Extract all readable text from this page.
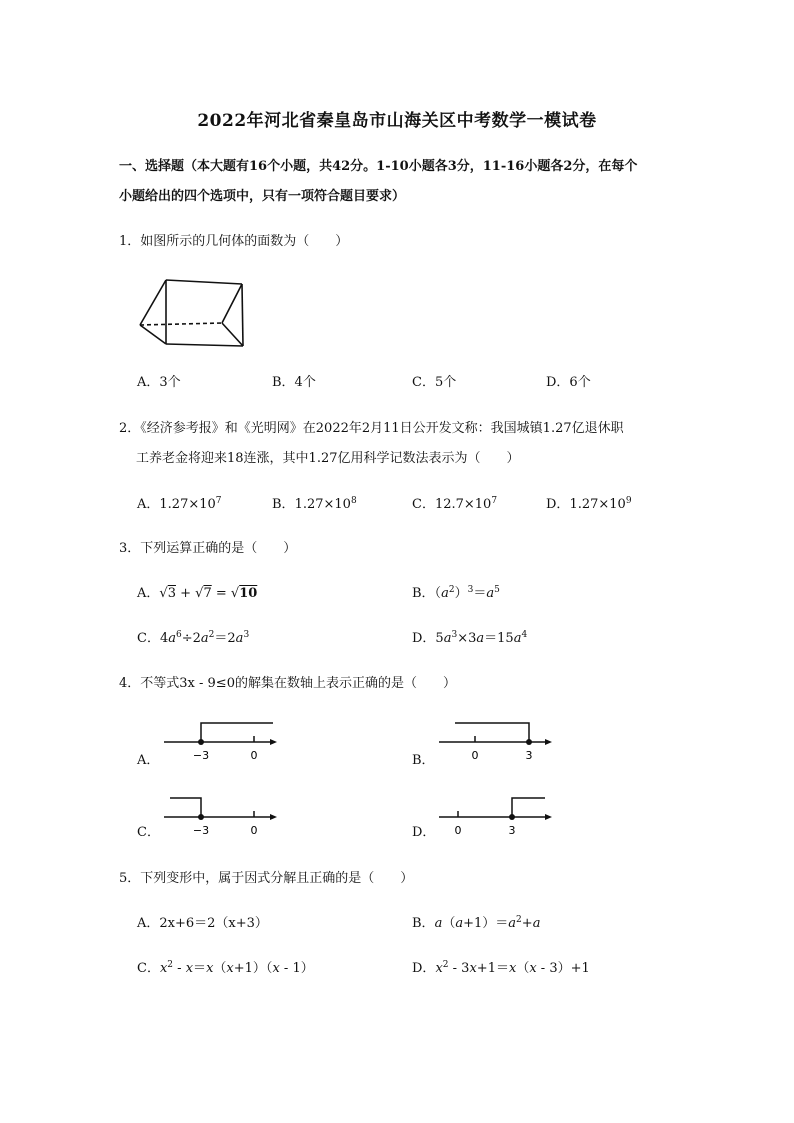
2022年河北省秦皇岛市山海关区中考数学一模试卷
一、选择题（本大题有16个小题，共42分。1-10小题各3分，11-16小题各2分，在每个
小题给出的四个选项中，只有一项符合题目要求）
1．如图所示的几何体的面数为（　　）
A．3个	B．4个	C．5个	D．6个
2．《经济参考报》和《光明网》在2022年2月11日公开发文称：我国城镇1.27亿退休职
工养老金将迎来18连涨，其中1.27亿用科学记数法表示为（　　）
A．$1.27\times 10^7$	B．$1.27\times 10^8$	C．$12.7\times 10^7$	D．$1.27\times 10^9$
3．下列运算正确的是（　　）
A．√3 + √7 = √10	B．$(a^2)^3=a^5$
C．$4a^6\div 2a^2=2a^3$	D．$5a^3\times 3a=15a^4$
4．不等式3x - 9≤0的解集在数轴上表示正确的是（　　）
A．	−3	0	B．	0	3
C．	−3	0	D． 0	3
5．下列变形中，属于因式分解且正确的是（　　）
A．2x+6＝2（x+3）	B．$a(a+1)=a^2+a$
C．$x^2 - x=x(x+1)(x - 1)$	D．$x^2 - 3x+1=x(x - 3)+1$
